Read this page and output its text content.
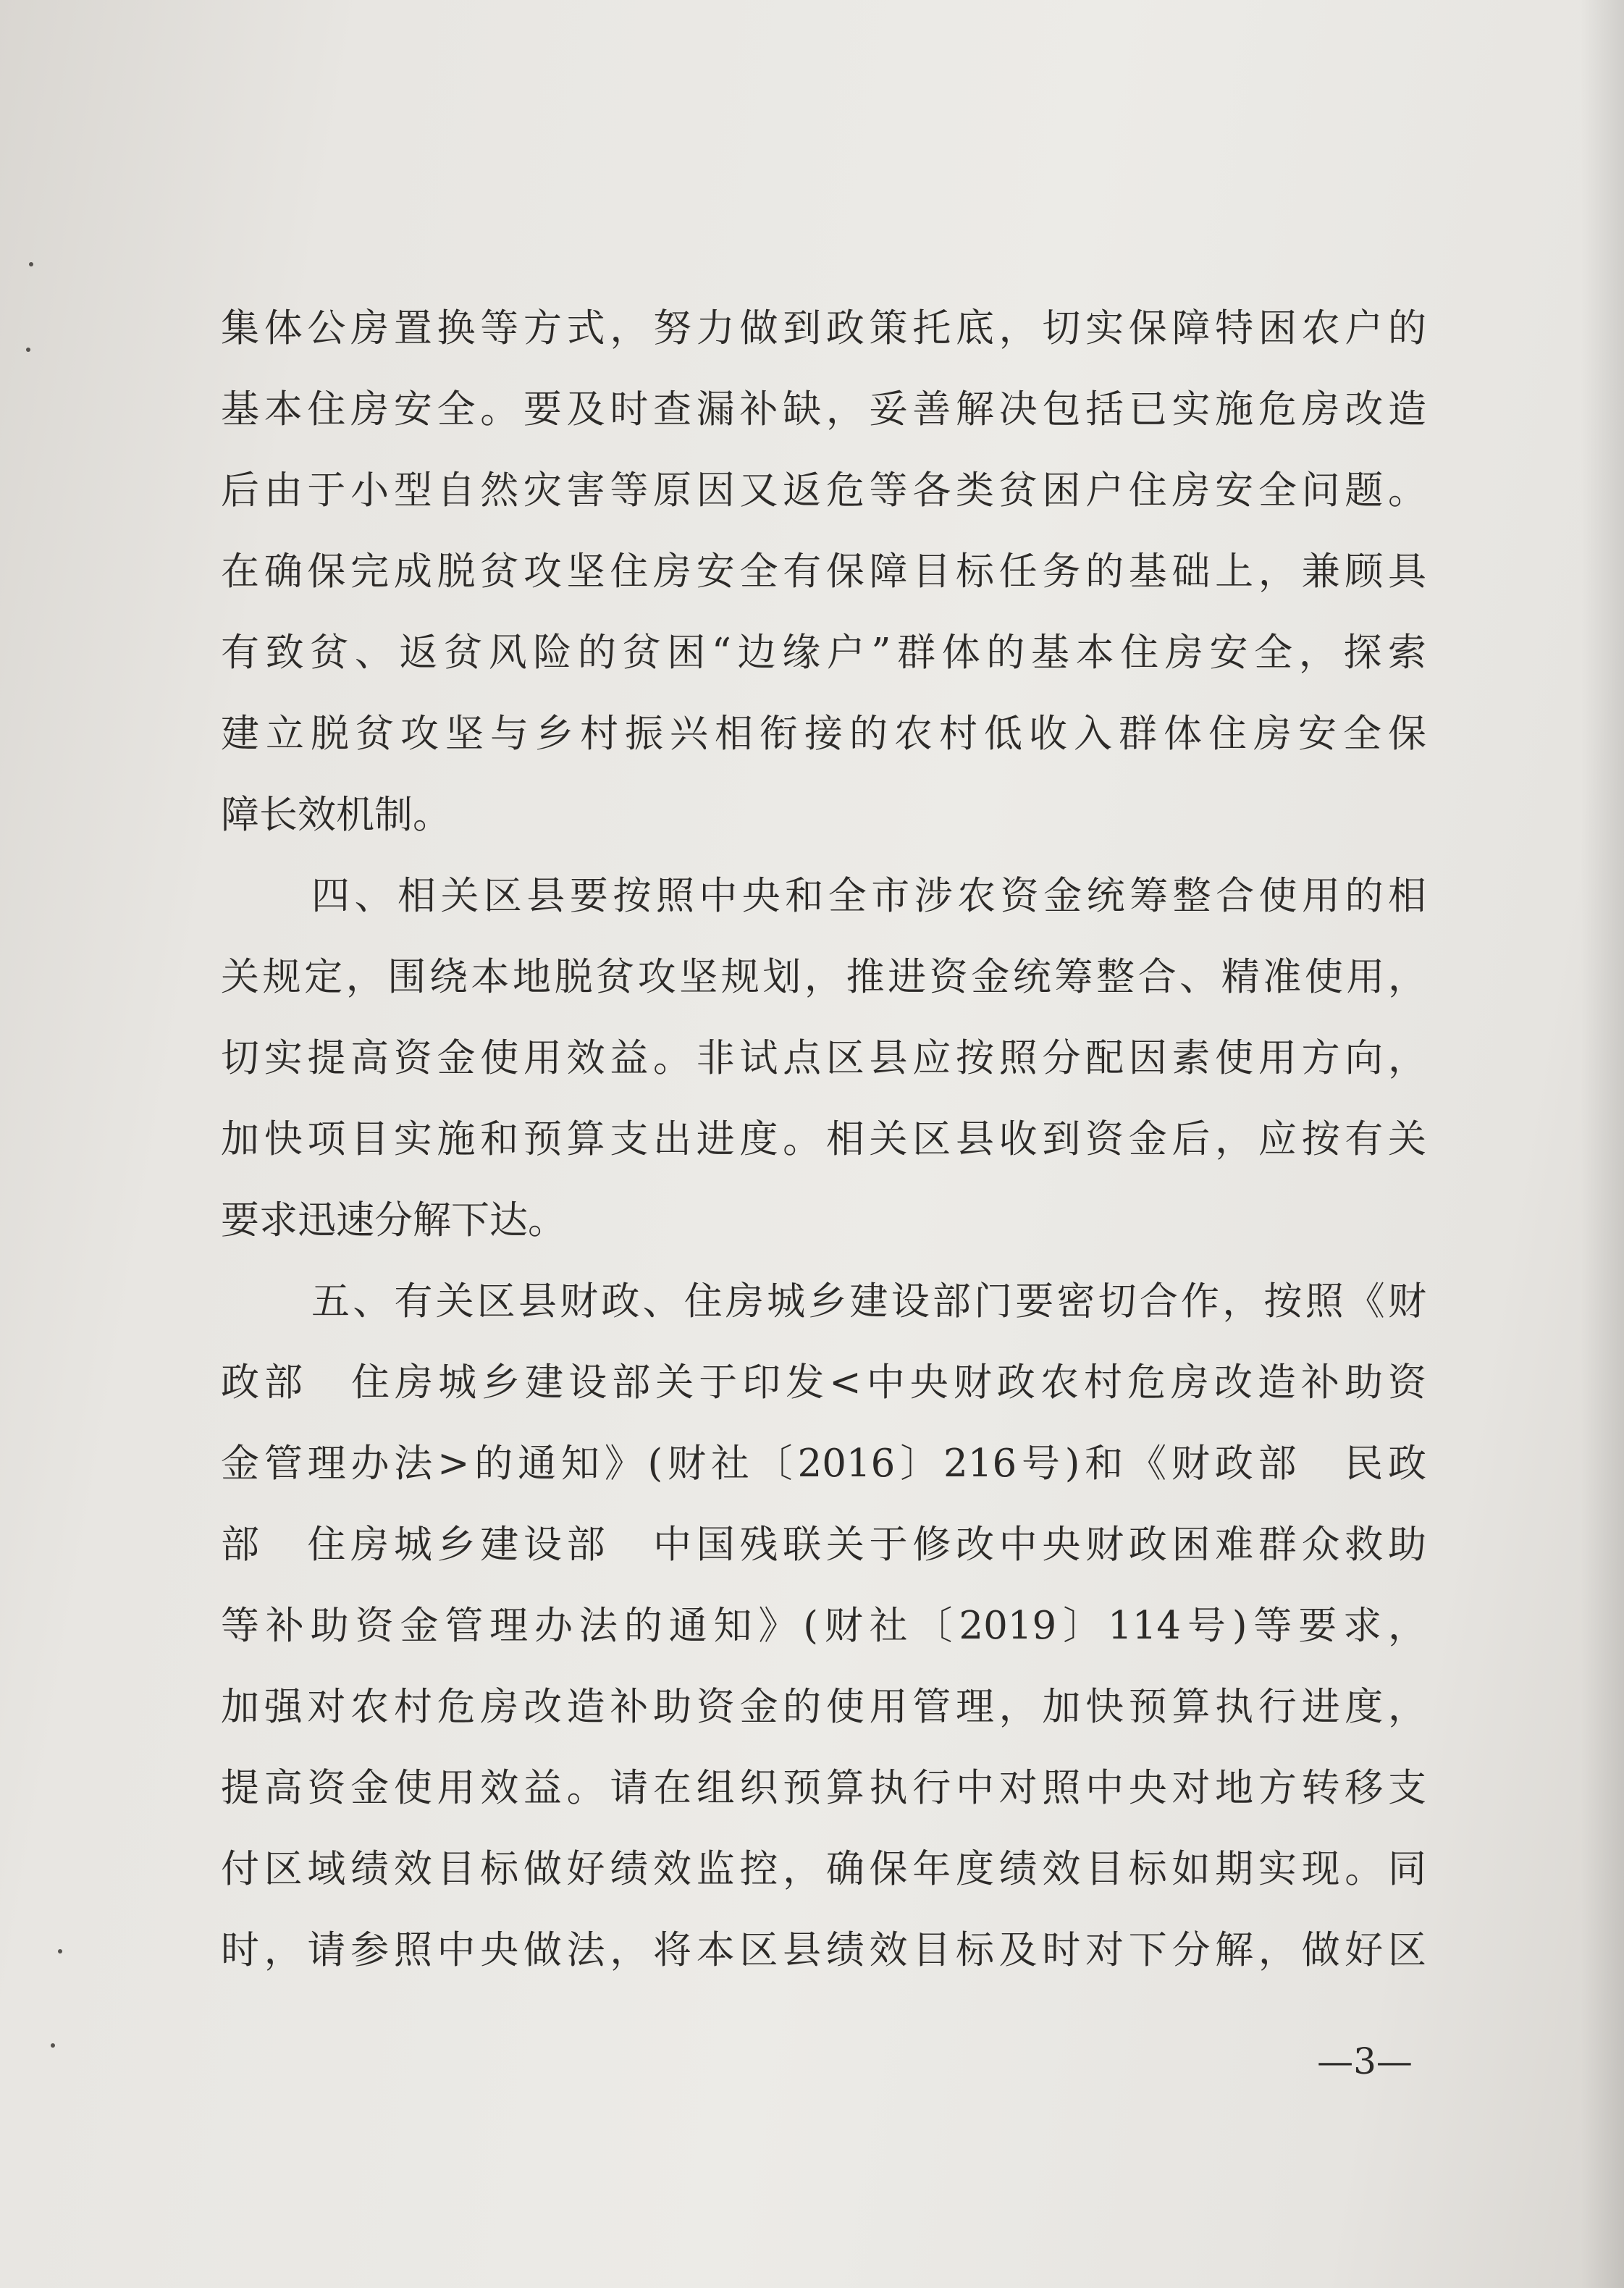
集体公房置换等方式，努力做到政策托底，切实保障特困农户的
基本住房安全。要及时查漏补缺，妥善解决包括已实施危房改造
后由于小型自然灾害等原因又返危等各类贫困户住房安全问题。
在确保完成脱贫攻坚住房安全有保障目标任务的基础上，兼顾具
有致贫、返贫风险的贫困“边缘户”群体的基本住房安全，探索
建立脱贫攻坚与乡村振兴相衔接的农村低收入群体住房安全保
障长效机制。
四、相关区县要按照中央和全市涉农资金统筹整合使用的相
关规定，围绕本地脱贫攻坚规划，推进资金统筹整合、精准使用，
切实提高资金使用效益。非试点区县应按照分配因素使用方向，
加快项目实施和预算支出进度。相关区县收到资金后，应按有关
要求迅速分解下达。
五、有关区县财政、住房城乡建设部门要密切合作，按照《财
政部　住房城乡建设部关于印发<中央财政农村危房改造补助资
金管理办法>的通知》(财社〔2016〕216号)和《财政部　民政
部　住房城乡建设部　中国残联关于修改中央财政困难群众救助
等补助资金管理办法的通知》(财社〔2019〕114号)等要求，
加强对农村危房改造补助资金的使用管理，加快预算执行进度，
提高资金使用效益。请在组织预算执行中对照中央对地方转移支
付区域绩效目标做好绩效监控，确保年度绩效目标如期实现。同
时，请参照中央做法，将本区县绩效目标及时对下分解，做好区
—3—
